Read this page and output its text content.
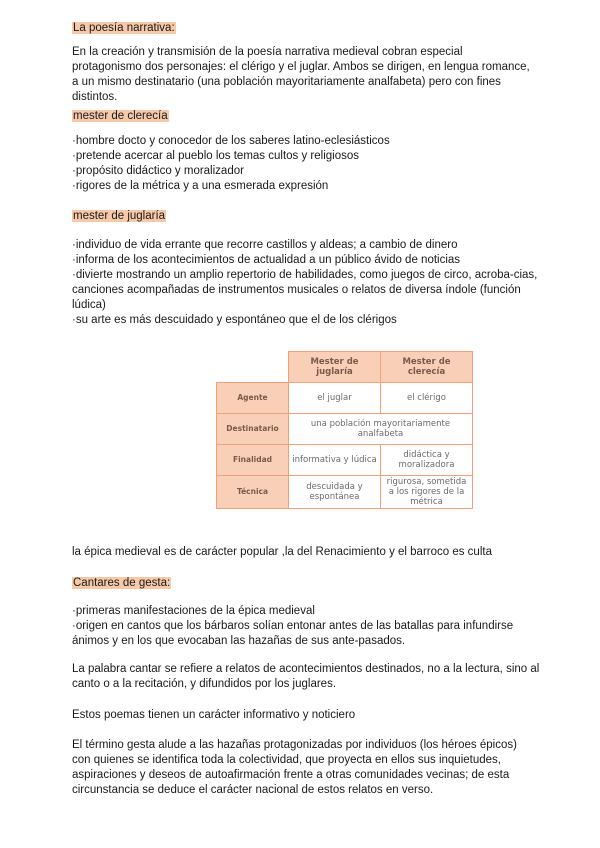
La poesía narrativa:

En la creación y transmisión de la poesía narrativa medieval cobran especial protagonismo dos personajes: el clérigo y el juglar. Ambos se dirigen, en lengua romance, a un mismo destinatario (una población mayoritariamente analfabeta) pero con fines distintos.

mester de clerecía

·hombre docto y conocedor de los saberes latino-eclesiásticos
·pretende acercar al pueblo los temas cultos y religiosos
·propósito didáctico y moralizador
·rigores de la métrica y a una esmerada expresión

mester de juglaría

·individuo de vida errante que recorre castillos y aldeas; a cambio de dinero
·informa de los acontecimientos de actualidad a un público ávido de noticias
·divierte mostrando un amplio repertorio de habilidades, como juegos de circo, acroba-cias, canciones acompañadas de instrumentos musicales o relatos de diversa índole (función lúdica)
·su arte es más descuidado y espontáneo que el de los clérigos
	Mester de juglaría	Mester de clerecía
Agente	el juglar	el clérigo
Destinatario	una población mayoritariamente analfabeta	
Finalidad	informativa y lúdica	didáctica y moralizadora
Técnica	descuidada y espontánea	rigurosa, sometida a los rigores de la métrica

la épica medieval es de carácter popular ,la del Renacimiento y el barroco es culta

Cantares de gesta:

·primeras manifestaciones de la épica medieval
·origen en cantos que los bárbaros solían entonar antes de las batallas para infundirse ánimos y en los que evocaban las hazañas de sus ante-pasados.

La palabra cantar se refiere a relatos de acontecimientos destinados, no a la lectura, sino al canto o a la recitación, y difundidos por los juglares.

Estos poemas tienen un carácter informativo y noticiero

El término gesta alude a las hazañas protagonizadas por individuos (los héroes épicos) con quienes se identifica toda la colectividad, que proyecta en ellos sus inquietudes, aspiraciones y deseos de autoafirmación frente a otras comunidades vecinas; de esta circunstancia se deduce el carácter nacional de estos relatos en verso.
